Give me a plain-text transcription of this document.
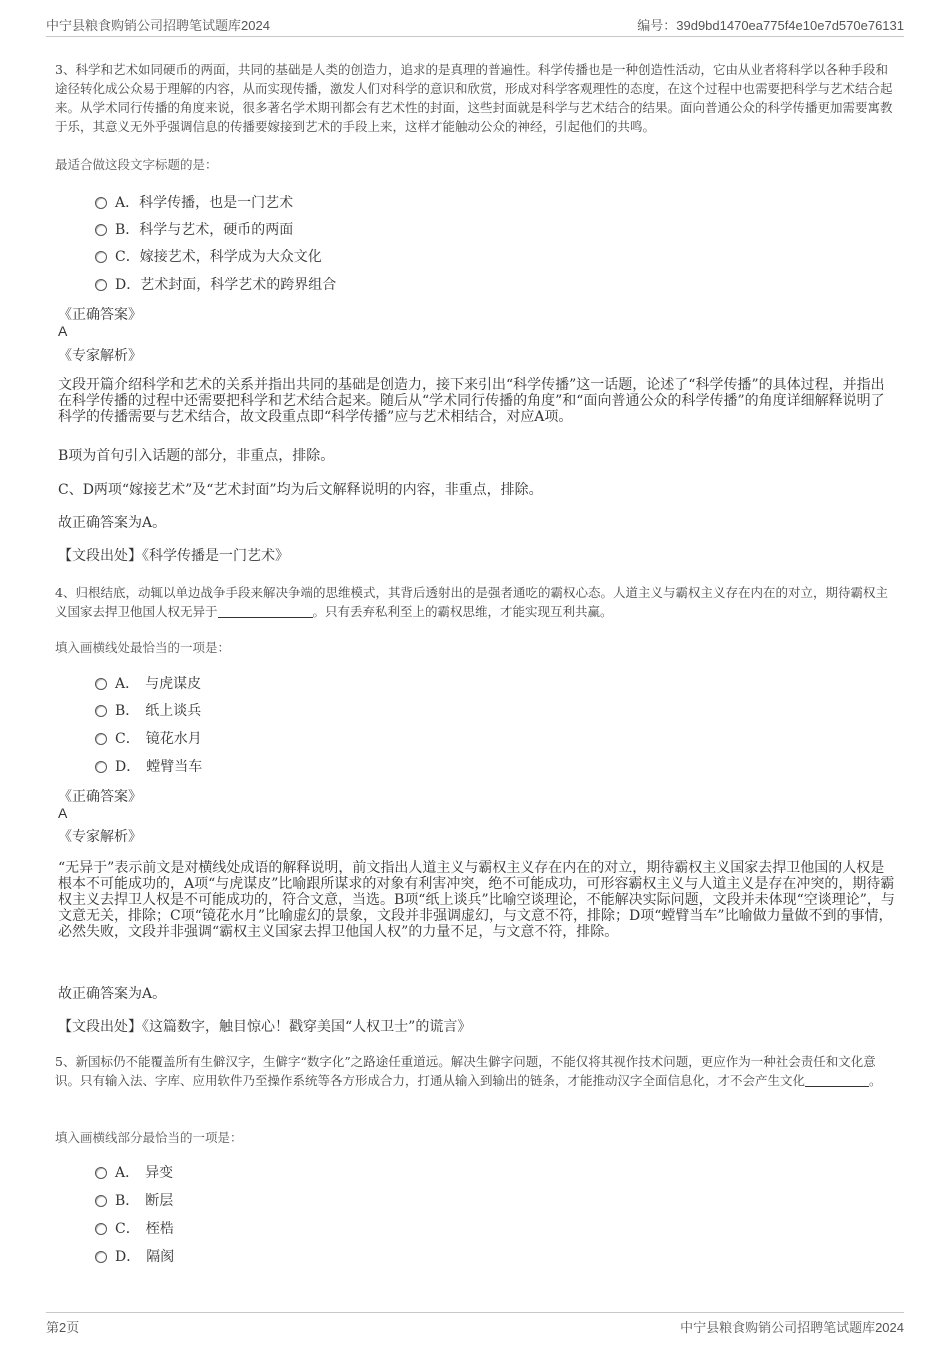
中宁县粮食购销公司招聘笔试题库2024	编号：39d9bd1470ea775f4e10e7d570e76131

3、科学和艺术如同硬币的两面，共同的基础是人类的创造力，追求的是真理的普遍性。科学传播也是一种创造性活动，它由从业者将科学以各种手段和途径转化成公众易于理解的内容，从而实现传播，激发人们对科学的意识和欣赏，形成对科学客观理性的态度，在这个过程中也需要把科学与艺术结合起来。从学术同行传播的角度来说，很多著名学术期刊都会有艺术性的封面，这些封面就是科学与艺术结合的结果。面向普通公众的科学传播更加需要寓教于乐，其意义无外乎强调信息的传播要嫁接到艺术的手段上来，这样才能触动公众的神经，引起他们的共鸣。

最适合做这段文字标题的是：
A．科学传播，也是一门艺术
B．科学与艺术，硬币的两面
C．嫁接艺术，科学成为大众文化
D．艺术封面，科学艺术的跨界组合
《正确答案》
A
《专家解析》

文段开篇介绍科学和艺术的关系并指出共同的基础是创造力，接下来引出“科学传播”这一话题，论述了“科学传播”的具体过程，并指出在科学传播的过程中还需要把科学和艺术结合起来。随后从“学术同行传播的角度”和“面向普通公众的科学传播”的角度详细解释说明了科学的传播需要与艺术结合，故文段重点即“科学传播”应与艺术相结合，对应A项。

B项为首句引入话题的部分，非重点，排除。

C、D两项“嫁接艺术”及“艺术封面”均为后文解释说明的内容，非重点，排除。

故正确答案为A。

【文段出处】《科学传播是一门艺术》

4、归根结底，动辄以单边战争手段来解决争端的思维模式，其背后透射出的是强者通吃的霸权心态。人道主义与霸权主义存在内在的对立，期待霸权主义国家去捍卫他国人权无异于	。只有丢弃私利至上的霸权思维，才能实现互利共赢。

填入画横线处最恰当的一项是：
A． 与虎谋皮
B． 纸上谈兵
C． 镜花水月
D． 螳臂当车
《正确答案》
A
《专家解析》

“无异于”表示前文是对横线处成语的解释说明，前文指出人道主义与霸权主义存在内在的对立，期待霸权主义国家去捍卫他国的人权是根本不可能成功的，A项“与虎谋皮”比喻跟所谋求的对象有利害冲突，绝不可能成功，可形容霸权主义与人道主义是存在冲突的，期待霸权主义去捍卫人权是不可能成功的，符合文意，当选。B项“纸上谈兵”比喻空谈理论，不能解决实际问题，文段并未体现“空谈理论”，与文意无关，排除；C项“镜花水月”比喻虚幻的景象，文段并非强调虚幻，与文意不符，排除；D项“螳臂当车”比喻做力量做不到的事情，必然失败，文段并非强调“霸权主义国家去捍卫他国人权”的力量不足，与文意不符，排除。

故正确答案为A。

【文段出处】《这篇数字，触目惊心！戳穿美国“人权卫士”的谎言》

5、新国标仍不能覆盖所有生僻汉字，生僻字“数字化”之路途任重道远。解决生僻字问题，不能仅将其视作技术问题，更应作为一种社会责任和文化意识。只有输入法、字库、应用软件乃至操作系统等各方形成合力，打通从输入到输出的链条，才能推动汉字全面信息化，才不会产生文化	。

填入画横线部分最恰当的一项是：
A． 异变
B． 断层
C． 桎梏
D． 隔阂
第2页	中宁县粮食购销公司招聘笔试题库2024
